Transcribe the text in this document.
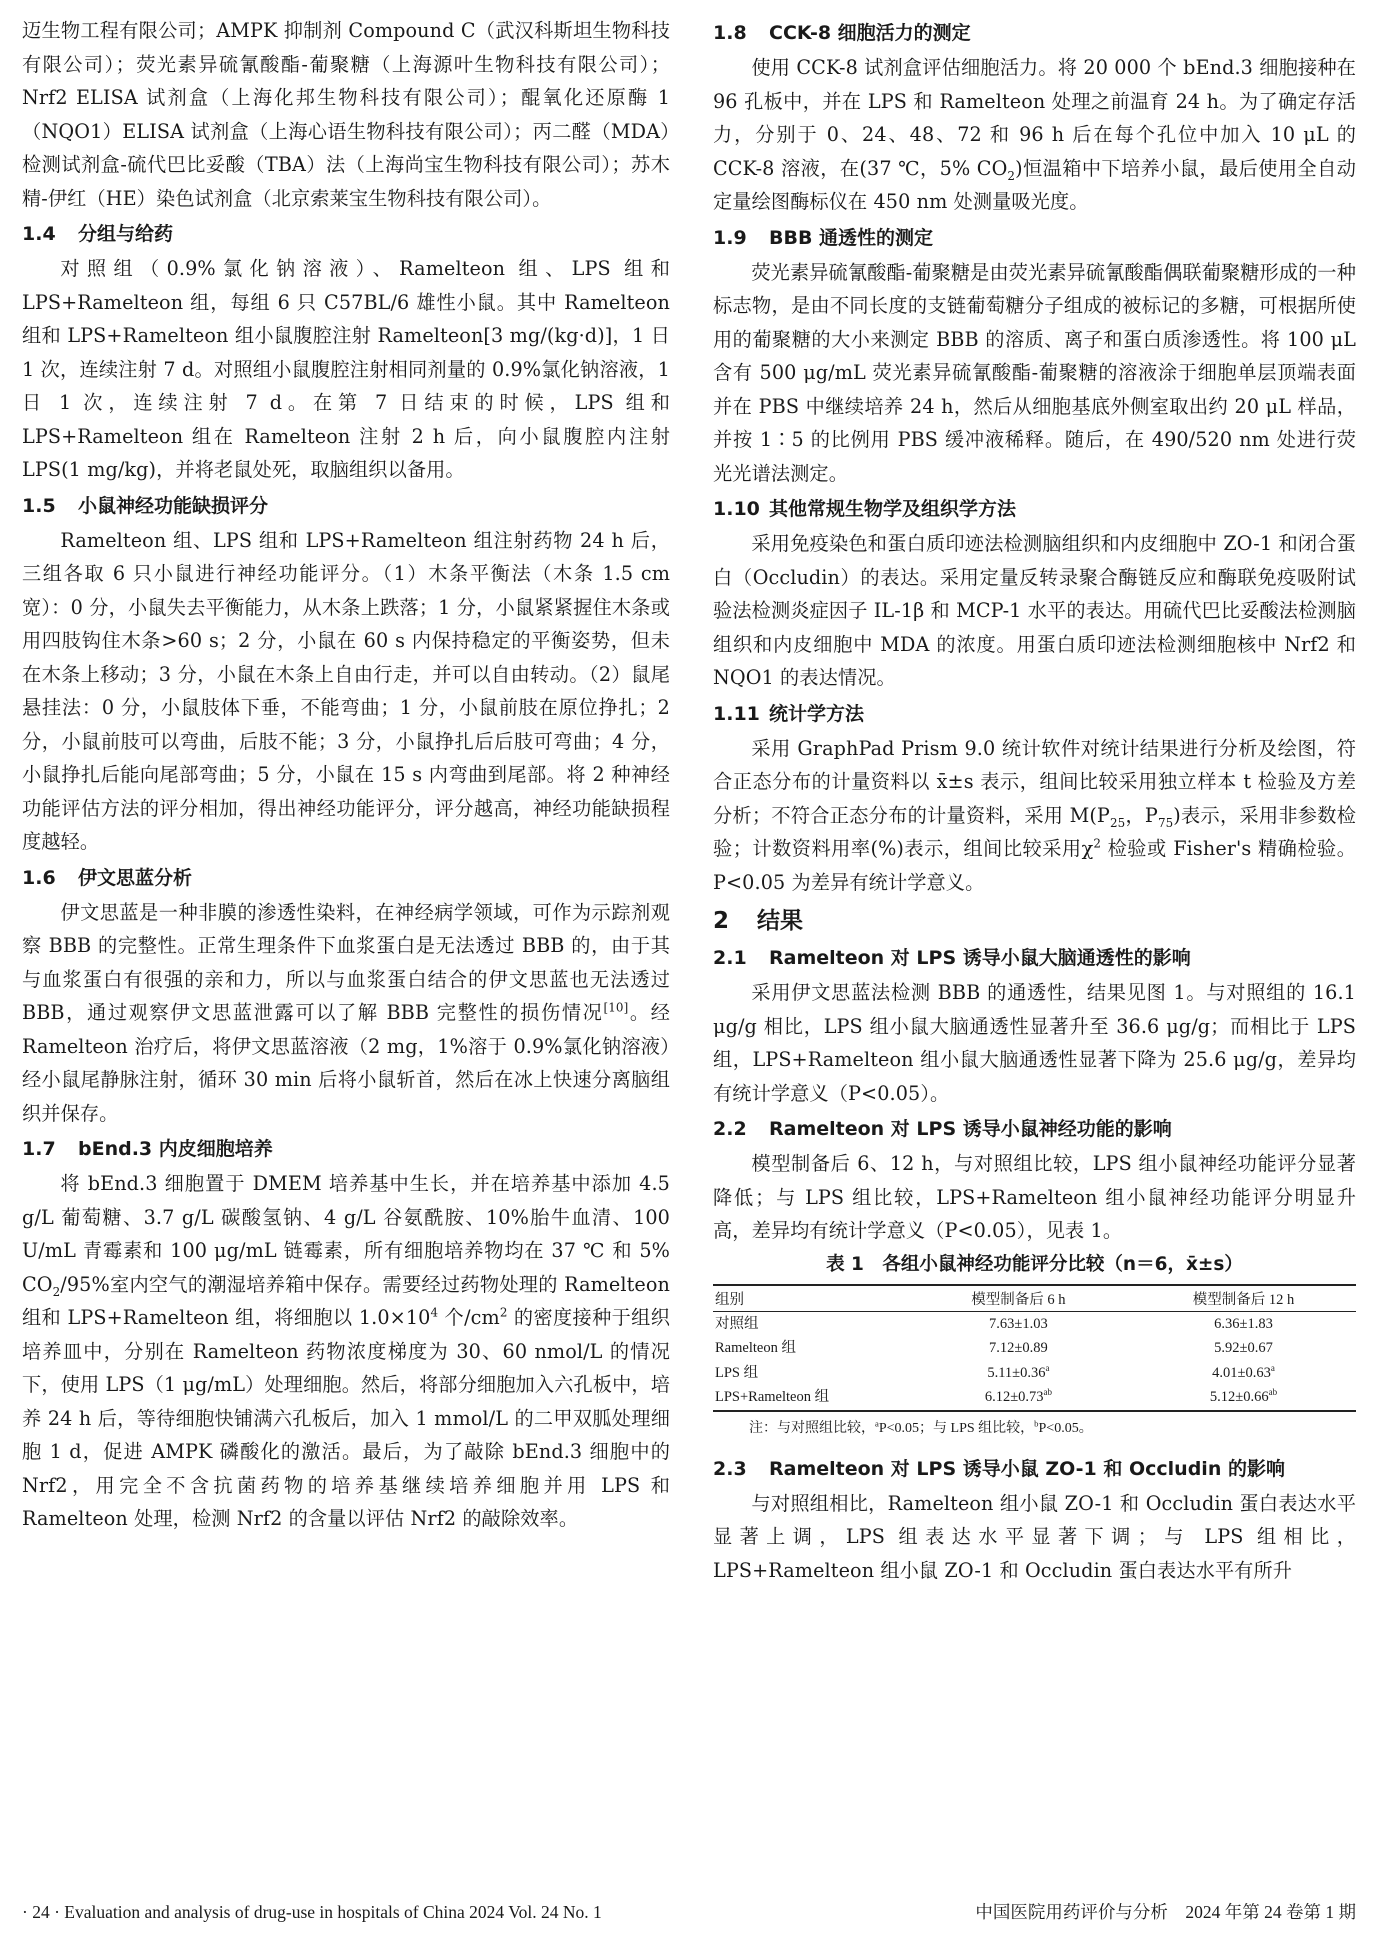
迈生物工程有限公司；AMPK 抑制剂 Compound C（武汉科斯坦生物科技有限公司）；荧光素异硫氰酸酯-葡聚糖（上海源叶生物科技有限公司）；Nrf2 ELISA 试剂盒（上海化邦生物科技有限公司）；醌氧化还原酶 1（NQO1）ELISA 试剂盒（上海心语生物科技有限公司）；丙二醛（MDA）检测试剂盒-硫代巴比妥酸（TBA）法（上海尚宝生物科技有限公司）；苏木精-伊红（HE）染色试剂盒（北京索莱宝生物科技有限公司）。

1.4 分组与给药

对照组（0.9%氯化钠溶液）、Ramelteon 组、LPS 组和 LPS+Ramelteon 组，每组 6 只 C57BL/6 雄性小鼠。其中 Ramelteon 组和 LPS+Ramelteon 组小鼠腹腔注射 Ramelteon[3 mg/(kg·d)]，1 日 1 次，连续注射 7 d。对照组小鼠腹腔注射相同剂量的 0.9%氯化钠溶液，1 日 1 次，连续注射 7 d。在第 7 日结束的时候，LPS 组和 LPS+Ramelteon 组在 Ramelteon 注射 2 h 后，向小鼠腹腔内注射 LPS(1 mg/kg)，并将老鼠处死，取脑组织以备用。

1.5 小鼠神经功能缺损评分

Ramelteon 组、LPS 组和 LPS+Ramelteon 组注射药物 24 h 后，三组各取 6 只小鼠进行神经功能评分。（1）木条平衡法（木条 1.5 cm 宽）：0 分，小鼠失去平衡能力，从木条上跌落；1 分，小鼠紧紧握住木条或用四肢钩住木条>60 s；2 分，小鼠在 60 s 内保持稳定的平衡姿势，但未在木条上移动；3 分，小鼠在木条上自由行走，并可以自由转动。（2）鼠尾悬挂法：0 分，小鼠肢体下垂，不能弯曲；1 分，小鼠前肢在原位挣扎；2 分，小鼠前肢可以弯曲，后肢不能；3 分，小鼠挣扎后后肢可弯曲；4 分，小鼠挣扎后能向尾部弯曲；5 分，小鼠在 15 s 内弯曲到尾部。将 2 种神经功能评估方法的评分相加，得出神经功能评分，评分越高，神经功能缺损程度越轻。

1.6 伊文思蓝分析

伊文思蓝是一种非膜的渗透性染料，在神经病学领域，可作为示踪剂观察 BBB 的完整性。正常生理条件下血浆蛋白是无法透过 BBB 的，由于其与血浆蛋白有很强的亲和力，所以与血浆蛋白结合的伊文思蓝也无法透过 BBB，通过观察伊文思蓝泄露可以了解 BBB 完整性的损伤情况[10]。经 Ramelteon 治疗后，将伊文思蓝溶液（2 mg，1%溶于 0.9%氯化钠溶液）经小鼠尾静脉注射，循环 30 min 后将小鼠斩首，然后在冰上快速分离脑组织并保存。

1.7 bEnd.3 内皮细胞培养

将 bEnd.3 细胞置于 DMEM 培养基中生长，并在培养基中添加 4.5 g/L 葡萄糖、3.7 g/L 碳酸氢钠、4 g/L 谷氨酰胺、10%胎牛血清、100 U/mL 青霉素和 100 μg/mL 链霉素，所有细胞培养物均在 37 ℃ 和 5% $CO_2/95\%$室内空气的潮湿培养箱中保存。需要经过药物处理的 Ramelteon 组和 LPS+Ramelteon 组，将细胞以 $1.0\times 10^4$ 个$/cm^2$ 的密度接种于组织培养皿中，分别在 Ramelteon 药物浓度梯度为 30、60 nmol/L 的情况下，使用 LPS（1 μg/mL）处理细胞。然后，将部分细胞加入六孔板中，培养 24 h 后，等待细胞快铺满六孔板后，加入 1 mmol/L 的二甲双胍处理细胞 1 d，促进 AMPK 磷酸化的激活。最后，为了敲除 bEnd.3 细胞中的 Nrf2，用完全不含抗菌药物的培养基继续培养细胞并用 LPS 和 Ramelteon 处理，检测 Nrf2 的含量以评估 Nrf2 的敲除效率。

1.8 CCK-8 细胞活力的测定

使用 CCK-8 试剂盒评估细胞活力。将 20 000 个 bEnd.3 细胞接种在 96 孔板中，并在 LPS 和 Ramelteon 处理之前温育 24 h。为了确定存活力，分别于 0、24、48、72 和 96 h 后在每个孔位中加入 10 μL 的 CCK-8 溶液，在(37 ℃，5% $CO_2$)恒温箱中下培养小鼠，最后使用全自动定量绘图酶标仪在 450 nm 处测量吸光度。

1.9 BBB 通透性的测定

荧光素异硫氰酸酯-葡聚糖是由荧光素异硫氰酸酯偶联葡聚糖形成的一种标志物，是由不同长度的支链葡萄糖分子组成的被标记的多糖，可根据所使用的葡聚糖的大小来测定 BBB 的溶质、离子和蛋白质渗透性。将 100 μL 含有 500 μg/mL 荧光素异硫氰酸酯-葡聚糖的溶液涂于细胞单层顶端表面并在 PBS 中继续培养 24 h，然后从细胞基底外侧室取出约 20 μL 样品，并按 1∶5 的比例用 PBS 缓冲液稀释。随后，在 490/520 nm 处进行荧光光谱法测定。

1.10 其他常规生物学及组织学方法

采用免疫染色和蛋白质印迹法检测脑组织和内皮细胞中 ZO-1 和闭合蛋白（Occludin）的表达。采用定量反转录聚合酶链反应和酶联免疫吸附试验法检测炎症因子 IL-1β 和 MCP-1 水平的表达。用硫代巴比妥酸法检测脑组织和内皮细胞中 MDA 的浓度。用蛋白质印迹法检测细胞核中 Nrf2 和 NQO1 的表达情况。

1.11 统计学方法

采用 GraphPad Prism 9.0 统计软件对统计结果进行分析及绘图，符合正态分布的计量资料以 x̄±s 表示，组间比较采用独立样本 t 检验及方差分析；不符合正态分布的计量资料，采用 $M(P_{25}$，$P_{75}$)表示，采用非参数检验；计数资料用率(%)表示，组间比较采用$\chi^2$ 检验或 Fisher's 精确检验。P<0.05 为差异有统计学意义。

2 结果
2.1 Ramelteon 对 LPS 诱导小鼠大脑通透性的影响

采用伊文思蓝法检测 BBB 的通透性，结果见图 1。与对照组的 16.1 μg/g 相比，LPS 组小鼠大脑通透性显著升至 36.6 μg/g；而相比于 LPS 组，LPS+Ramelteon 组小鼠大脑通透性显著下降为 25.6 μg/g，差异均有统计学意义（P<0.05）。

2.2 Ramelteon 对 LPS 诱导小鼠神经功能的影响

模型制备后 6、12 h，与对照组比较，LPS 组小鼠神经功能评分显著降低；与 LPS 组比较，LPS+Ramelteon 组小鼠神经功能评分明显升高，差异均有统计学意义（P<0.05），见表 1。

表 1　各组小鼠神经功能评分比较（n＝6，x̄±s）
组别	模型制备后 6 h	模型制备后 12 h
对照组	7.63±1.03	6.36±1.83
Ramelteon 组	7.12±0.89	5.92±0.67
LPS 组	5.11±0.36$^a$	4.01±0.63$^a$
LPS+Ramelteon 组	6.12±0.73$^{ab}$	5.12±0.66$^{ab}$
注：与对照组比较，$^a$P<0.05；与 LPS 组比较，$^b$P<0.05。
2.3 Ramelteon 对 LPS 诱导小鼠 ZO-1 和 Occludin 的影响

与对照组相比，Ramelteon 组小鼠 ZO-1 和 Occludin 蛋白表达水平显著上调，LPS 组表达水平显著下调；与 LPS 组相比，LPS+Ramelteon 组小鼠 ZO-1 和 Occludin 蛋白表达水平有所升

· 24 · Evaluation and analysis of drug-use in hospitals of China 2024 Vol. 24 No. 1	中国医院用药评价与分析　2024 年第 24 卷第 1 期
